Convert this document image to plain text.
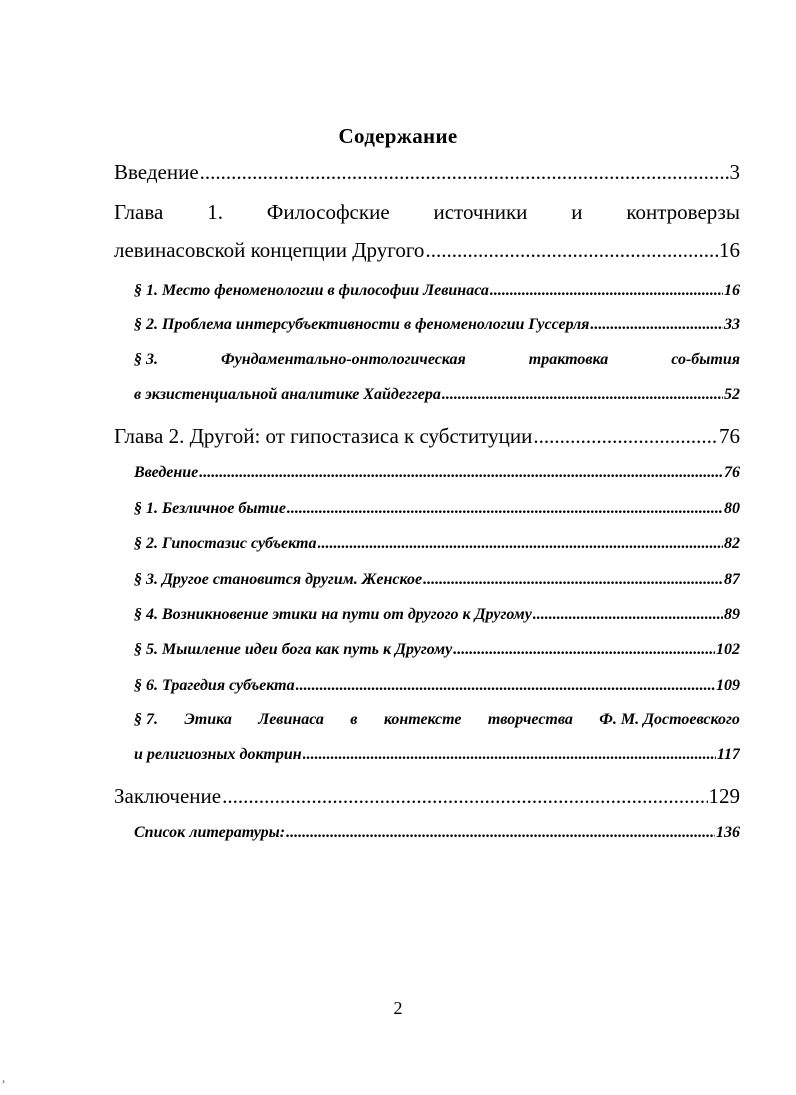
Содержание
Введение .....	3
Глава 1. Философские источники и контроверзы
левинасовской концепции Другого .....	16
§ 1. Место феноменологии в философии Левинаса .....	16
§ 2. Проблема интерсубъективности в феноменологии Гуссерля .....	33
§ 3.	Фундаментально-онтологическая	трактовка	со-бытия
в экзистенциальной аналитике Хайдеггера .....	52
Глава 2. Другой: от гипостазиса к субституции .....	76
Введение .....	76
§ 1. Безличное бытие .....	80
§ 2. Гипостазис субъекта .....	82
§ 3. Другое становится другим. Женское .....	87
§ 4. Возникновение этики на пути от другого к Другому .....	89
§ 5. Мышление идеи бога как путь к Другому .....	102
§ 6. Трагедия субъекта .....	109
§ 7. Этика Левинаса в контексте творчества Ф. М. Достоевского
и религиозных доктрин .....	117
Заключение .....	129
Список литературы: .....	136
2
›
